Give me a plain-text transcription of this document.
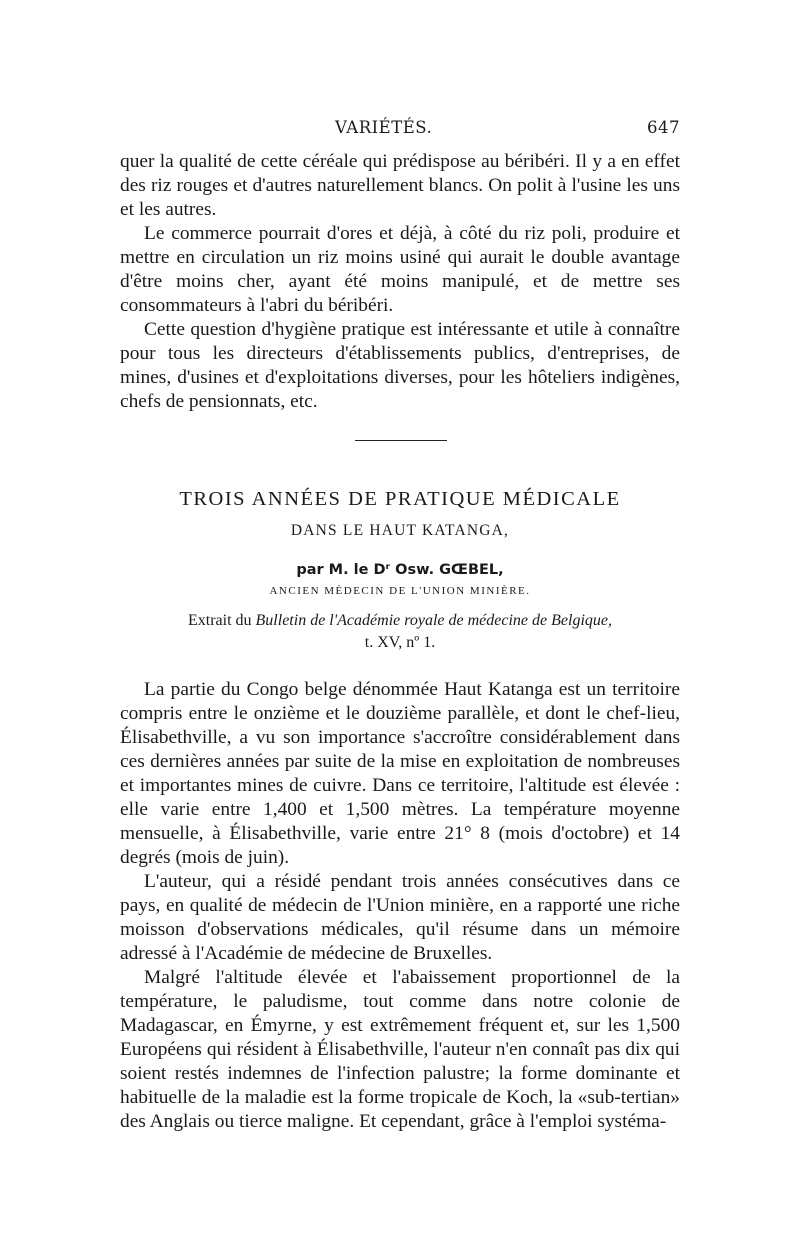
VARIÉTÉS.	647

quer la qualité de cette céréale qui prédispose au béribéri. Il y a en effet des riz rouges et d'autres naturellement blancs. On polit à l'usine les uns et les autres.

Le commerce pourrait d'ores et déjà, à côté du riz poli, produire et mettre en circulation un riz moins usiné qui aurait le double avantage d'être moins cher, ayant été moins manipulé, et de mettre ses consommateurs à l'abri du béribéri.

Cette question d'hygiène pratique est intéressante et utile à connaître pour tous les directeurs d'établissements publics, d'entreprises, de mines, d'usines et d'exploitations diverses, pour les hôteliers indigènes, chefs de pensionnats, etc.

TROIS ANNÉES DE PRATIQUE MÉDICALE
DANS LE HAUT KATANGA,
par M. le Dʳ Osw. GŒBEL,
ANCIEN MÉDECIN DE L'UNION MINIÈRE.
Extrait du Bulletin de l'Académie royale de médecine de Belgique,
t. XV, nº 1.

La partie du Congo belge dénommée Haut Katanga est un territoire compris entre le onzième et le douzième parallèle, et dont le chef-lieu, Élisabethville, a vu son importance s'accroître considérablement dans ces dernières années par suite de la mise en exploitation de nombreuses et importantes mines de cuivre. Dans ce territoire, l'altitude est élevée : elle varie entre 1,400 et 1,500 mètres. La température moyenne mensuelle, à Élisabethville, varie entre 21° 8 (mois d'octobre) et 14 degrés (mois de juin).

L'auteur, qui a résidé pendant trois années consécutives dans ce pays, en qualité de médecin de l'Union minière, en a rapporté une riche moisson d'observations médicales, qu'il résume dans un mémoire adressé à l'Académie de médecine de Bruxelles.

Malgré l'altitude élevée et l'abaissement proportionnel de la température, le paludisme, tout comme dans notre colonie de Madagascar, en Émyrne, y est extrêmement fréquent et, sur les 1,500 Européens qui résident à Élisabethville, l'auteur n'en connaît pas dix qui soient restés indemnes de l'infection palustre; la forme dominante et habituelle de la maladie est la forme tropicale de Koch, la «sub-tertian» des Anglais ou tierce maligne. Et cependant, grâce à l'emploi systéma-
